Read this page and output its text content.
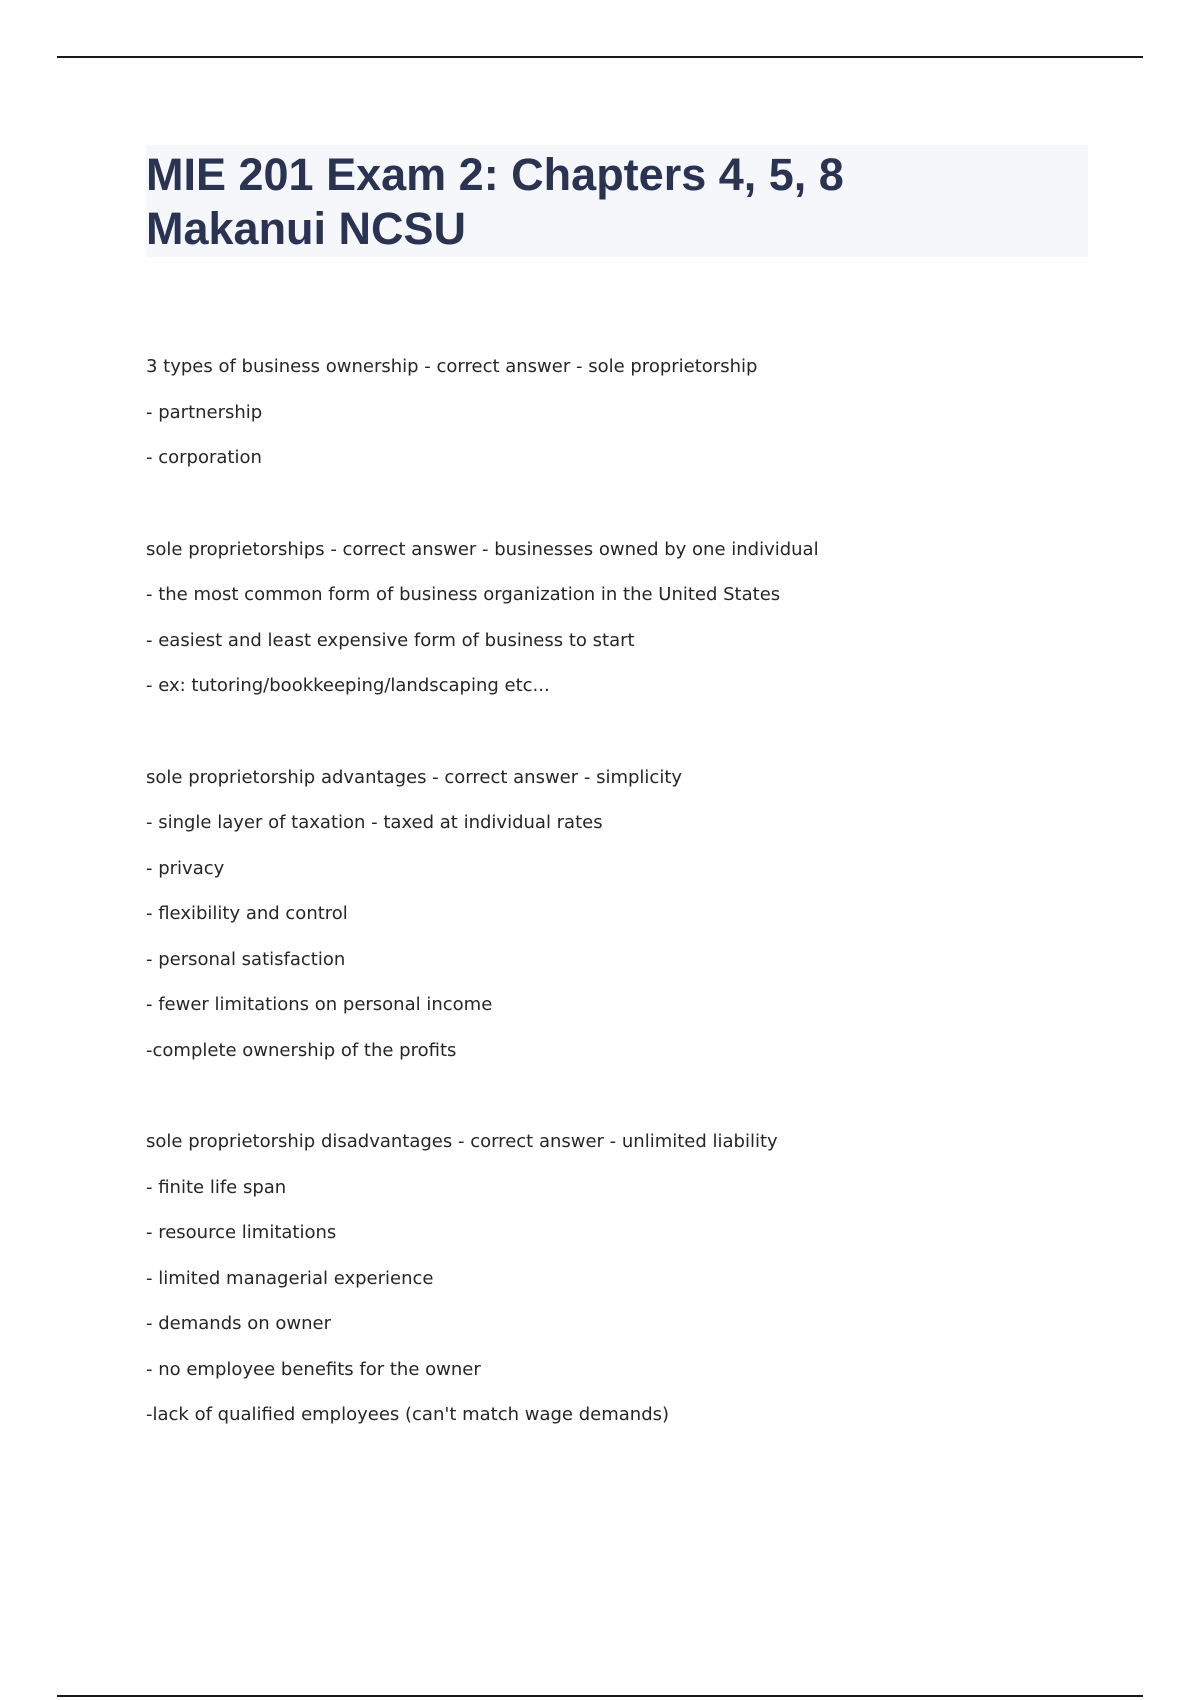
MIE 201 Exam 2: Chapters 4, 5, 8
Makanui NCSU
3 types of business ownership - correct answer - sole proprietorship
- partnership
- corporation
sole proprietorships - correct answer - businesses owned by one individual
- the most common form of business organization in the United States
- easiest and least expensive form of business to start
- ex: tutoring/bookkeeping/landscaping etc...
sole proprietorship advantages - correct answer - simplicity
- single layer of taxation - taxed at individual rates
- privacy
- flexibility and control
- personal satisfaction
- fewer limitations on personal income
-complete ownership of the profits
sole proprietorship disadvantages - correct answer - unlimited liability
- finite life span
- resource limitations
- limited managerial experience
- demands on owner
- no employee benefits for the owner
-lack of qualified employees (can't match wage demands)
